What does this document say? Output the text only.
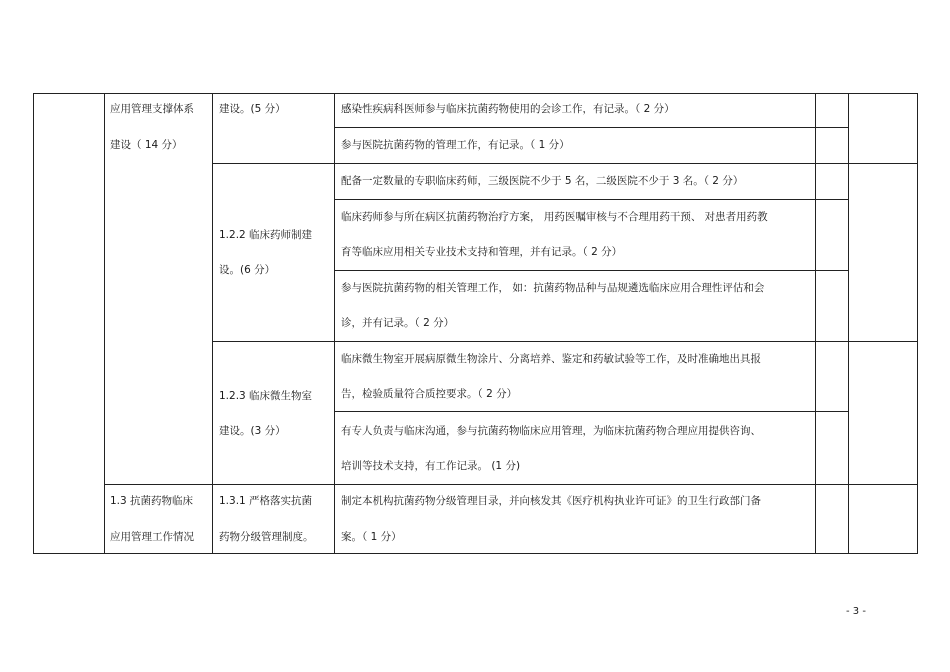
应用管理支撑体系
建设（ 14 分）
1.3 抗菌药物临床
应用管理工作情况
建设。(5 分）
1.2.2 临床药师制建
设。(6 分）
1.2.3 临床微生物室
建设。(3 分）
1.3.1 严格落实抗菌
药物分级管理制度。
感染性疾病科医师参与临床抗菌药物使用的会诊工作，有记录。（ 2 分）
参与医院抗菌药物的管理工作，有记录。（ 1 分）
配备一定数量的专职临床药师，三级医院不少于 5 名，二级医院不少于 3 名。（ 2 分）
临床药师参与所在病区抗菌药物治疗方案， 用药医嘱审核与不合理用药干预、 对患者用药教
育等临床应用相关专业技术支持和管理，并有记录。（ 2 分）
参与医院抗菌药物的相关管理工作， 如：抗菌药物品种与品规遴选临床应用合理性评估和会
诊，并有记录。（ 2 分）
临床微生物室开展病原微生物涂片、分离培养、鉴定和药敏试验等工作，及时准确地出具报
告，检验质量符合质控要求。（ 2 分）
有专人负责与临床沟通，参与抗菌药物临床应用管理，为临床抗菌药物合理应用提供咨询、
培训等技术支持，有工作记录。 (1 分)
制定本机构抗菌药物分级管理目录，并向核发其《医疗机构执业许可证》的卫生行政部门备
案。（ 1 分）
- 3 -
